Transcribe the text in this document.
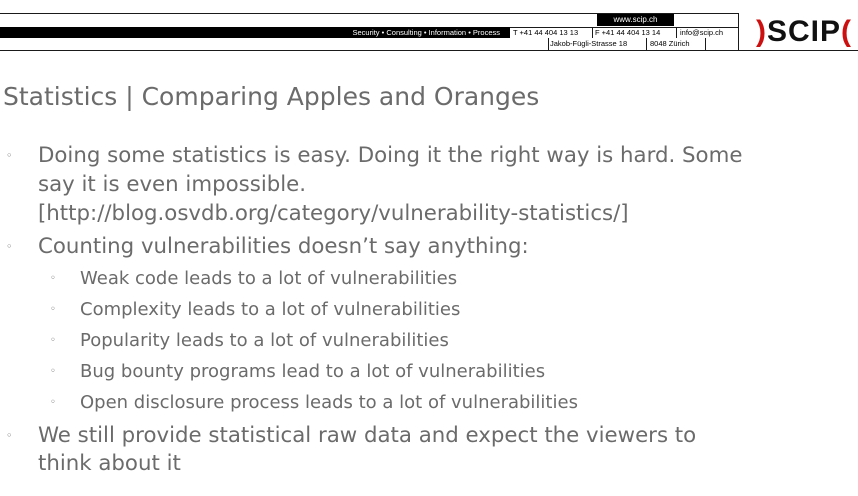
Security • Consulting • Information • Process
www.scip.ch
T +41 44 404 13 13 F +41 44 404 13 14	info@scip.ch
Jakob-Fügli-Strasse 18	8048 Zürich )SCIP(
Statistics | Comparing Apples and Oranges
◦ Doing some statistics is easy. Doing it the right way is hard. Some
say it is even impossible.
[http://blog.osvdb.org/category/vulnerability-statistics/]
◦ Counting vulnerabilities doesn’t say anything:
◦ Weak code leads to a lot of vulnerabilities
◦ Complexity leads to a lot of vulnerabilities
◦ Popularity leads to a lot of vulnerabilities
◦ Bug bounty programs lead to a lot of vulnerabilities
◦ Open disclosure process leads to a lot of vulnerabilities
◦ We still provide statistical raw data and expect the viewers to
think about it
